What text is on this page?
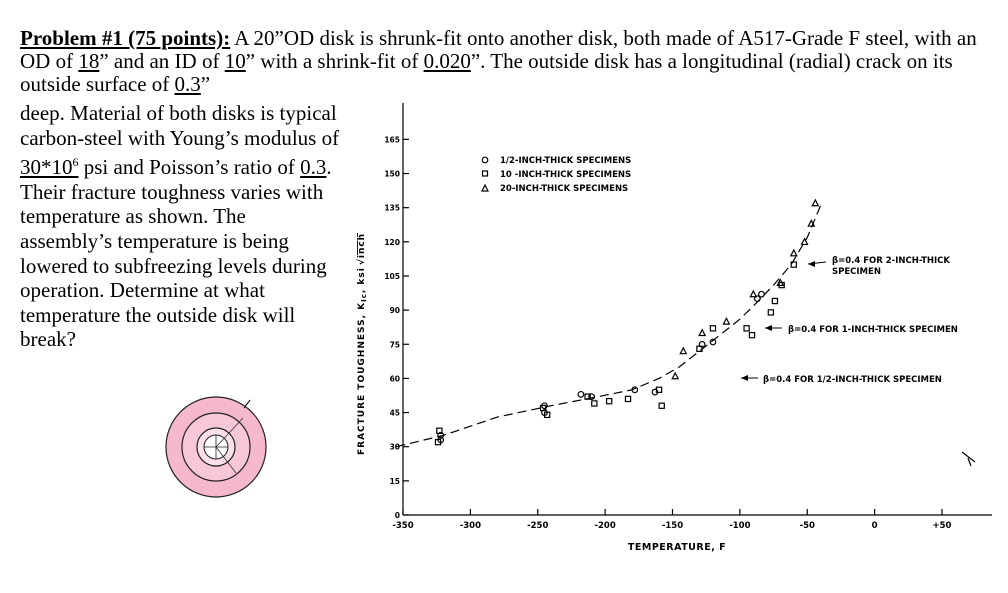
Problem #1 (75 points): A 20”OD disk is shrunk-fit onto another disk, both made of A517-Grade F steel, with an OD of 18” and an ID of 10” with a shrink-fit of 0.020”. The outside disk has a longitudinal (radial) crack on its outside surface of 0.3”
deep. Material of both disks is typical carbon-steel with Young’s modulus of $30*10^6$ psi and Poisson’s ratio of 0.3. Their fracture toughness varies with temperature as shown. The assembly’s temperature is being lowered to subfreezing levels during operation. Determine at what temperature the outside disk will break?	FRACTURE TOUGHNESS, $K_{Ic}$, ksi√inch
0
15
30
45
60
75
90
105
120
135
150
165
-350	-300	-250	-200	-150	-100	-50	0	+50
1/2-INCH-THICK SPECIMENS
10 -INCH-THICK SPECIMENS
20-INCH-THICK SPECIMENS
β=0.4 FOR 2-INCH-THICK
SPECIMEN
β=0.4 FOR 1-INCH-THICK SPECIMEN
β=0.4 FOR 1/2-INCH-THICK SPECIMEN
TEMPERATURE, F
